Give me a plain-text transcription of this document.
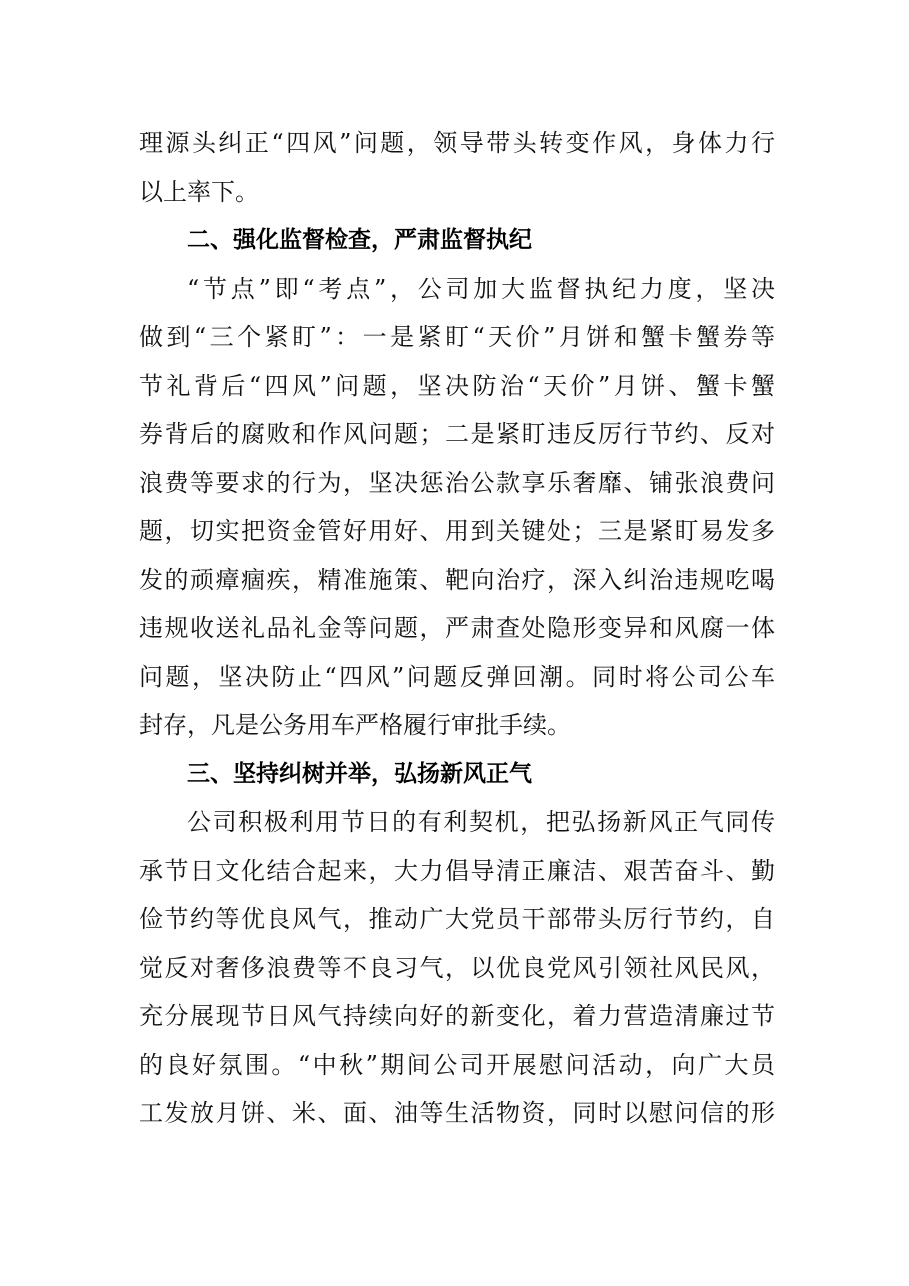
理源头纠正“四风”问题，领导带头转变作风，身体力行
以上率下。
二、强化监督检查，严肃监督执纪
“节点”即“考点”，公司加大监督执纪力度，坚决
做到“三个紧盯”：一是紧盯“天价”月饼和蟹卡蟹券等
节礼背后“四风”问题，坚决防治“天价”月饼、蟹卡蟹
券背后的腐败和作风问题；二是紧盯违反厉行节约、反对
浪费等要求的行为，坚决惩治公款享乐奢靡、铺张浪费问
题，切实把资金管好用好、用到关键处；三是紧盯易发多
发的顽瘴痼疾，精准施策、靶向治疗，深入纠治违规吃喝
违规收送礼品礼金等问题，严肃查处隐形变异和风腐一体
问题，坚决防止“四风”问题反弹回潮。同时将公司公车
封存，凡是公务用车严格履行审批手续。
三、坚持纠树并举，弘扬新风正气
公司积极利用节日的有利契机，把弘扬新风正气同传
承节日文化结合起来，大力倡导清正廉洁、艰苦奋斗、勤
俭节约等优良风气，推动广大党员干部带头厉行节约，自
觉反对奢侈浪费等不良习气，以优良党风引领社风民风，
充分展现节日风气持续向好的新变化，着力营造清廉过节
的良好氛围。“中秋”期间公司开展慰问活动，向广大员
工发放月饼、米、面、油等生活物资，同时以慰问信的形
